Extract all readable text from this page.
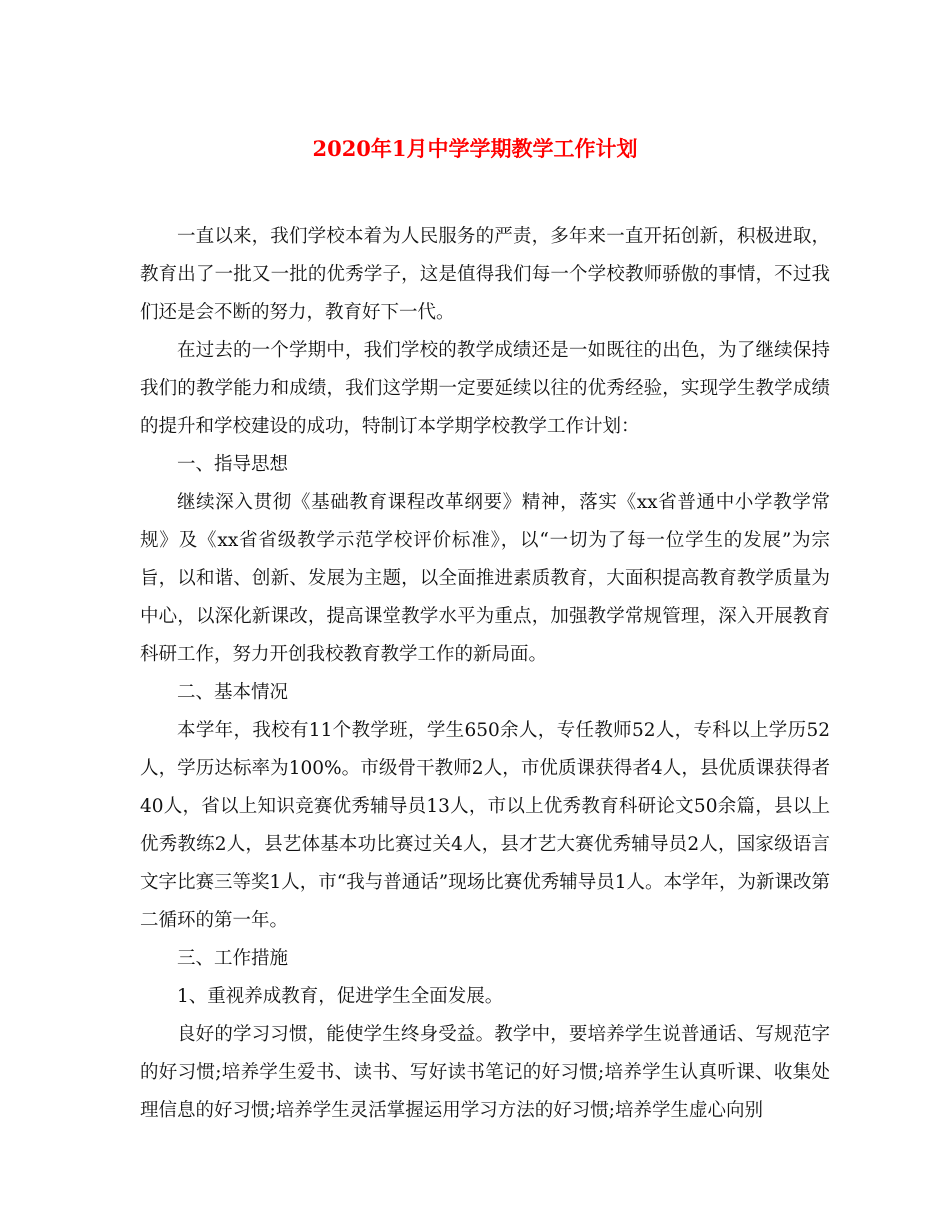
2020年1月中学学期教学工作计划

一直以来，我们学校本着为人民服务的严责，多年来一直开拓创新，积极进取，教育出了一批又一批的优秀学子，这是值得我们每一个学校教师骄傲的事情，不过我们还是会不断的努力，教育好下一代。

在过去的一个学期中，我们学校的教学成绩还是一如既往的出色，为了继续保持我们的教学能力和成绩，我们这学期一定要延续以往的优秀经验，实现学生教学成绩的提升和学校建设的成功，特制订本学期学校教学工作计划：

一、指导思想

继续深入贯彻《基础教育课程改革纲要》精神，落实《xx省普通中小学教学常规》及《xx省省级教学示范学校评价标准》，以“一切为了每一位学生的发展”为宗旨，以和谐、创新、发展为主题，以全面推进素质教育，大面积提高教育教学质量为中心，以深化新课改，提高课堂教学水平为重点，加强教学常规管理，深入开展教育科研工作，努力开创我校教育教学工作的新局面。

二、基本情况

本学年，我校有11个教学班，学生650余人，专任教师52人，专科以上学历52人，学历达标率为100%。市级骨干教师2人，市优质课获得者4人，县优质课获得者40人，省以上知识竞赛优秀辅导员13人，市以上优秀教育科研论文50余篇，县以上优秀教练2人，县艺体基本功比赛过关4人，县才艺大赛优秀辅导员2人，国家级语言文字比赛三等奖1人，市“我与普通话”现场比赛优秀辅导员1人。本学年，为新课改第二循环的第一年。

三、工作措施

1、重视养成教育，促进学生全面发展。

良好的学习习惯，能使学生终身受益。教学中，要培养学生说普通话、写规范字的好习惯;培养学生爱书、读书、写好读书笔记的好习惯;培养学生认真听课、收集处理信息的好习惯;培养学生灵活掌握运用学习方法的好习惯;培养学生虚心向别
